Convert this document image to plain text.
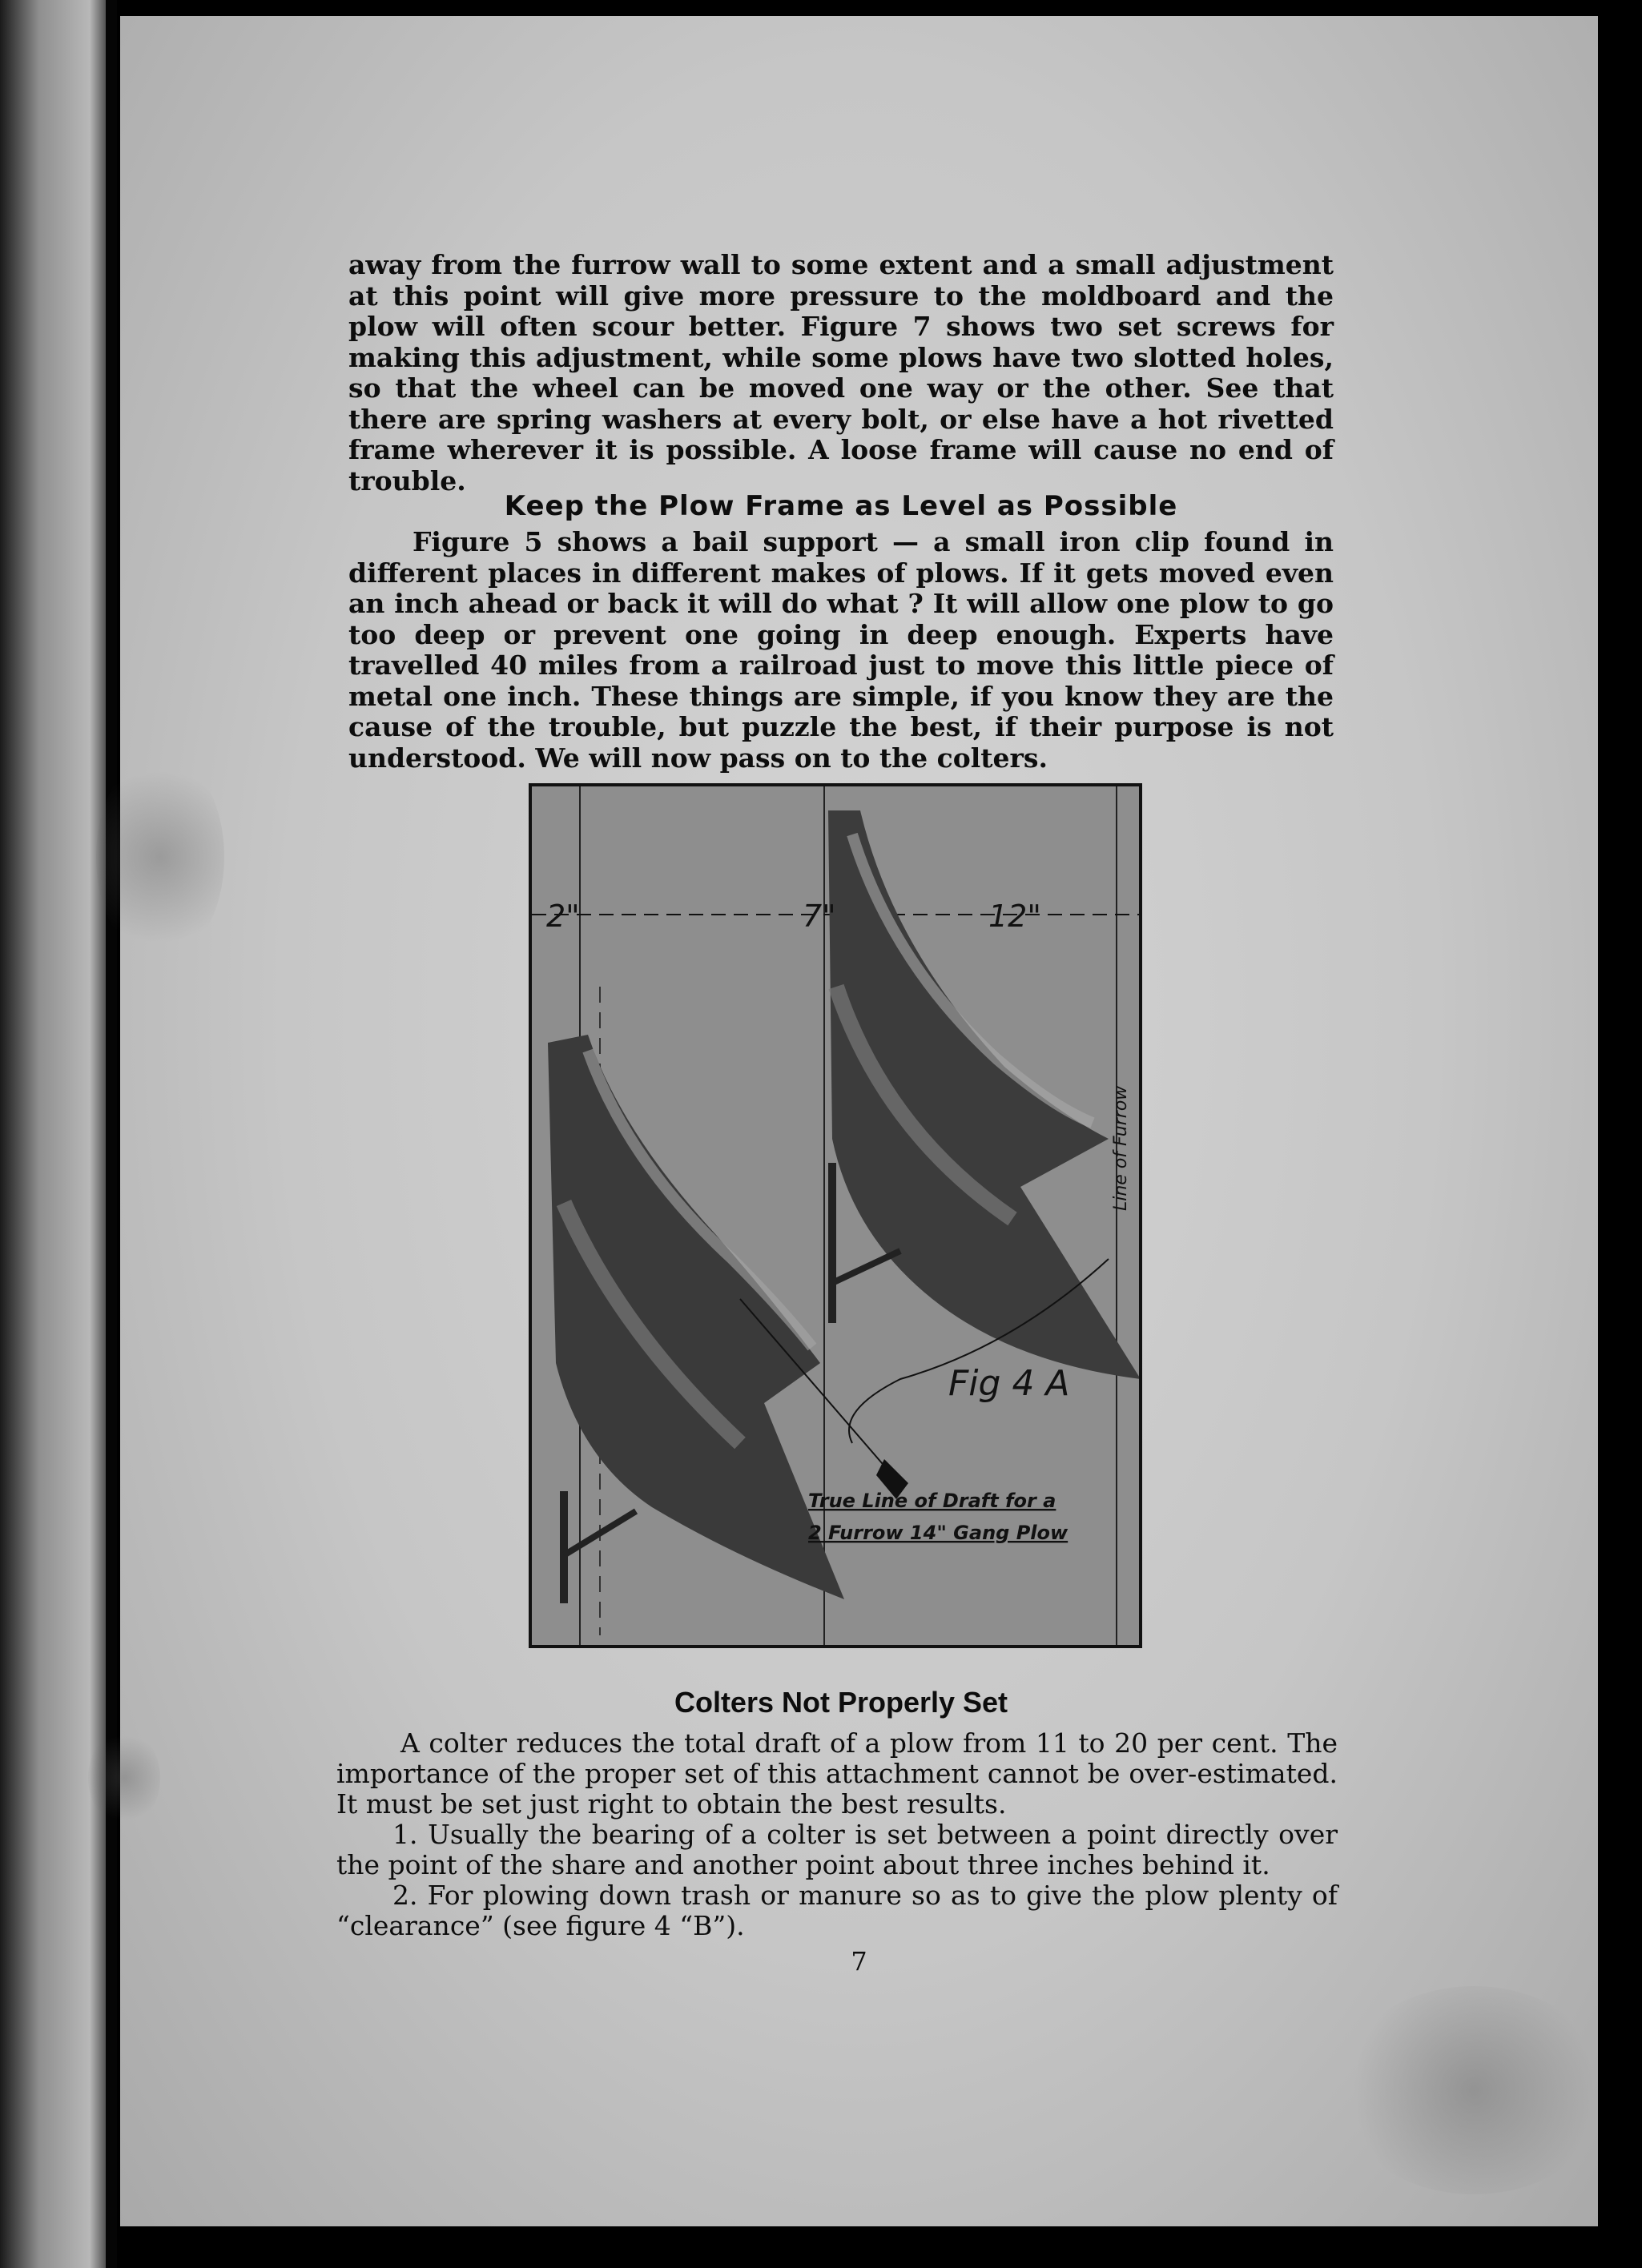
away from the furrow wall to some extent and a small adjustment at this point will give more pressure to the moldboard and the plow will often scour better. Figure 7 shows two set screws for making this adjustment, while some plows have two slotted holes, so that the wheel can be moved one way or the other. See that there are spring washers at every bolt, or else have a hot rivetted frame wherever it is possible. A loose frame will cause no end of trouble.

Keep the Plow Frame as Level as Possible

Figure 5 shows a bail support — a small iron clip found in different places in different makes of plows. If it gets moved even an inch ahead or back it will do what ? It will allow one plow to go too deep or prevent one going in deep enough. Experts have travelled 40 miles from a railroad just to move this little piece of metal one inch. These things are simple, if you know they are the cause of the trouble, but puzzle the best, if their purpose is not understood. We will now pass on to the colters.

2"	7"	12"
Fig 4 A
True Line of Draft for a
2 Furrow 14" Gang Plow
Line of Furrow
Colters Not Properly Set

A colter reduces the total draft of a plow from 11 to 20 per cent. The importance of the proper set of this attachment cannot be over-estimated. It must be set just right to obtain the best results.

1. Usually the bearing of a colter is set between a point directly over the point of the share and another point about three inches behind it.

2. For plowing down trash or manure so as to give the plow plenty of “clearance” (see figure 4 “B”).

7
